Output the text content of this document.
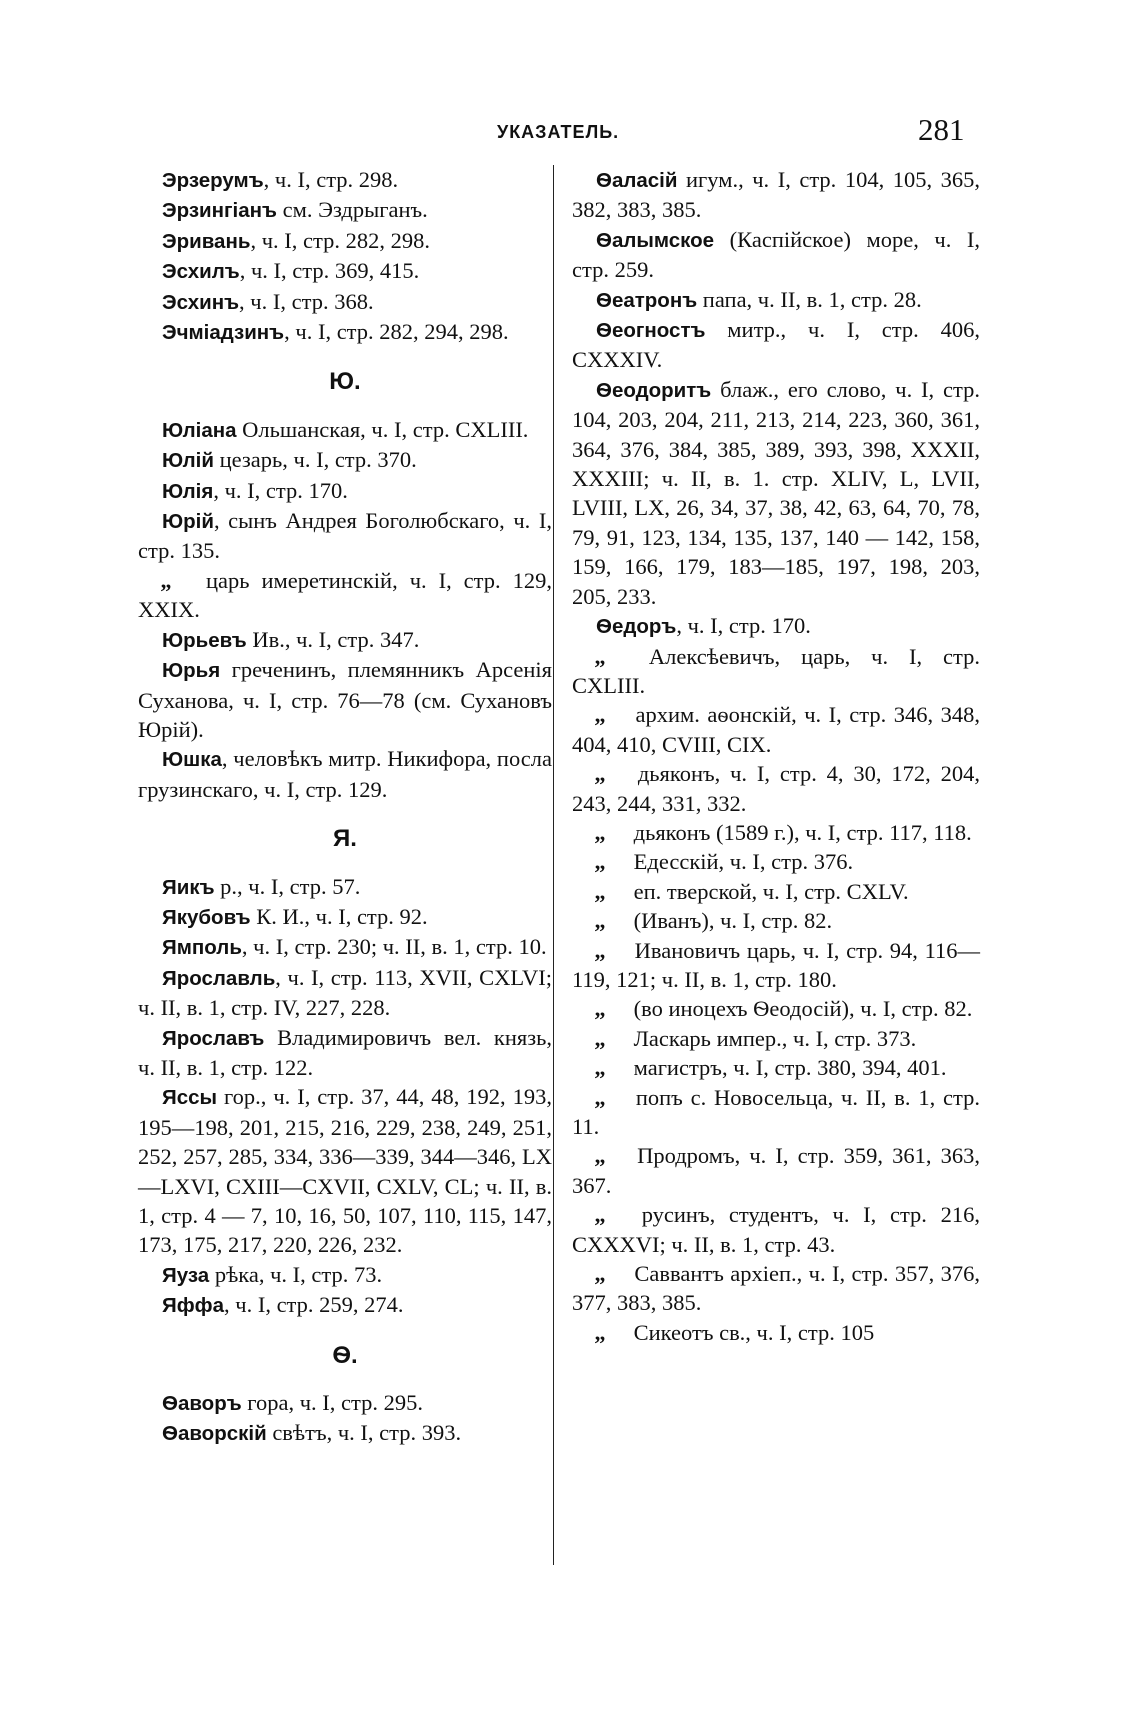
УКАЗАТЕЛЬ.	281

Эрзерумъ, ч. I, стр. 298.

Эрзингіанъ см. Эздрыганъ.

Эривань, ч. I, стр. 282, 298.

Эсхилъ, ч. I, стр. 369, 415.

Эсхинъ, ч. I, стр. 368.

Эчміадзинъ, ч. I, стр. 282, 294, 298.

Ю.

Юліана Ольшанская, ч. I, стр. CXLIII.

Юлій цезарь, ч. I, стр. 370.

Юлія, ч. I, стр. 170.

Юрій, сынъ Андрея Боголюбскаго, ч. I, стр. 135.

„ царь имеретинскій, ч. I, стр. 129, XXIX.

Юрьевъ Ив., ч. I, стр. 347.

Юрья греченинъ, племянникъ Арсенія Суханова, ч. I, стр. 76—78 (см. Сухановъ Юрій).

Юшка, человѣкъ митр. Никифора, посла грузинскаго, ч. I, стр. 129.

Я.

Яикъ р., ч. I, стр. 57.

Якубовъ К. И., ч. I, стр. 92.

Ямполь, ч. I, стр. 230; ч. II, в. 1, стр. 10.

Ярославль, ч. I, стр. 113, XVII, CXLVI; ч. II, в. 1, стр. IV, 227, 228.

Ярославъ Владимировичъ вел. князь, ч. II, в. 1, стр. 122.

Яссы гор., ч. I, стр. 37, 44, 48, 192, 193, 195—198, 201, 215, 216, 229, 238, 249, 251, 252, 257, 285, 334, 336—339, 344—346, LX—LXVI, CXIII—CXVII, CXLV, CL; ч. II, в. 1, стр. 4 — 7, 10, 16, 50, 107, 110, 115, 147, 173, 175, 217, 220, 226, 232.

Яуза рѣка, ч. I, стр. 73.

Яффа, ч. I, стр. 259, 274.

Ѳ.

Ѳаворъ гора, ч. I, стр. 295.

Ѳаворскій свѣтъ, ч. I, стр. 393.

Ѳаласій игум., ч. I, стр. 104, 105, 365, 382, 383, 385.

Ѳалымское (Каспійское) море, ч. I, стр. 259.

Ѳеатронъ папа, ч. II, в. 1, стр. 28.

Ѳеогностъ митр., ч. I, стр. 406, CXXXIV.

Ѳеодоритъ блаж., его слово, ч. I, стр. 104, 203, 204, 211, 213, 214, 223, 360, 361, 364, 376, 384, 385, 389, 393, 398, XXXII, XXXIII; ч. II, в. 1. стр. XLIV, L, LVII, LVIII, LX, 26, 34, 37, 38, 42, 63, 64, 70, 78, 79, 91, 123, 134, 135, 137, 140 — 142, 158, 159, 166, 179, 183—185, 197, 198, 203, 205, 233.

Ѳедоръ, ч. I, стр. 170.

„ Алексѣевичъ, царь, ч. I, стр. CXLIII.

„ архим. аѳонскій, ч. I, стр. 346, 348, 404, 410, CVIII, CIX.

„ дьяконъ, ч. I, стр. 4, 30, 172, 204, 243, 244, 331, 332.

„ дьяконъ (1589 г.), ч. I, стр. 117, 118.

„ Едесскій, ч. I, стр. 376.

„ еп. тверской, ч. I, стр. CXLV.

„ (Иванъ), ч. I, стр. 82.

„ Ивановичъ царь, ч. I, стр. 94, 116—119, 121; ч. II, в. 1, стр. 180.

„ (во иноцехъ Ѳеодосій), ч. I, стр. 82.

„ Ласкарь импер., ч. I, стр. 373.

„ магистръ, ч. I, стр. 380, 394, 401.

„ попъ с. Новосельца, ч. II, в. 1, стр. 11.

„ Продромъ, ч. I, стр. 359, 361, 363, 367.

„ русинъ, студентъ, ч. I, стр. 216, CXXXVI; ч. II, в. 1, стр. 43.

„ Саввантъ архіеп., ч. I, стр. 357, 376, 377, 383, 385.

„ Сикеотъ св., ч. I, стр. 105
